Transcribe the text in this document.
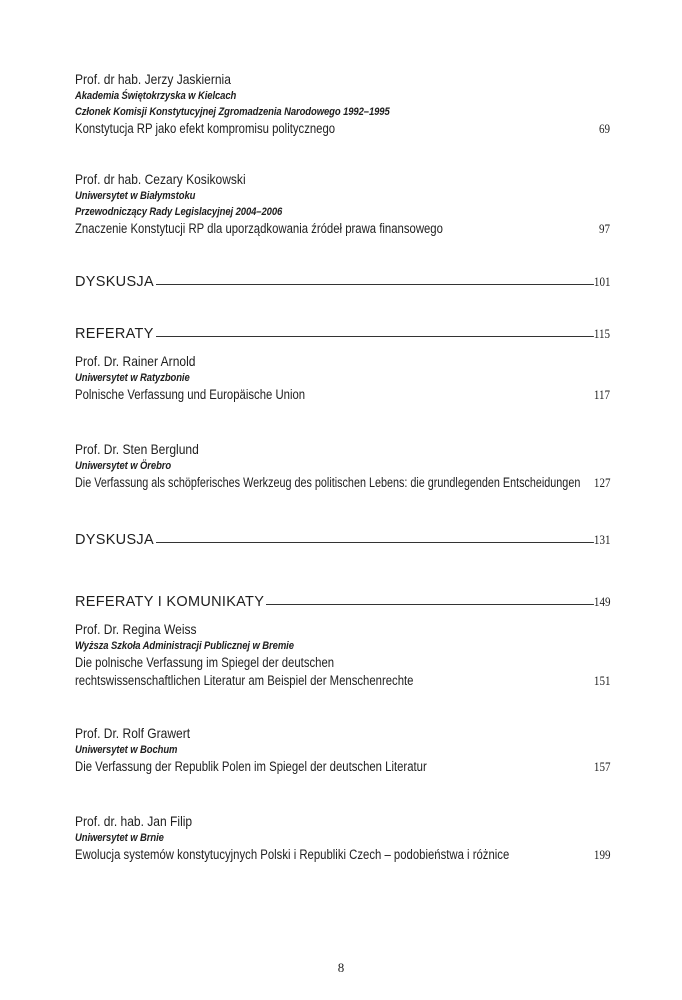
Prof. dr hab. Jerzy Jaskiernia
Akademia Świętokrzyska w Kielcach
Członek Komisji Konstytucyjnej Zgromadzenia Narodowego 1992–1995
Konstytucja RP jako efekt kompromisu politycznego	69
Prof. dr hab. Cezary Kosikowski
Uniwersytet w Białymstoku
Przewodniczący Rady Legislacyjnej 2004–2006
Znaczenie Konstytucji RP dla uporządkowania źródeł prawa finansowego	97
DYSKUSJA	101
REFERATY	115
Prof. Dr. Rainer Arnold
Uniwersytet w Ratyzbonie
Polnische Verfassung und Europäische Union	117
Prof. Dr. Sten Berglund
Uniwersytet w Örebro
Die Verfassung als schöpferisches Werkzeug des politischen Lebens: die grundlegenden Entscheidungen 127
DYSKUSJA	131
REFERATY I KOMUNIKATY	149
Prof. Dr. Regina Weiss
Wyższa Szkoła Administracji Publicznej w Bremie
Die polnische Verfassung im Spiegel der deutschen
rechtswissenschaftlichen Literatur am Beispiel der Menschenrechte	151
Prof. Dr. Rolf Grawert
Uniwersytet w Bochum
Die Verfassung der Republik Polen im Spiegel der deutschen Literatur	157
Prof. dr. hab. Jan Filip
Uniwersytet w Brnie
Ewolucja systemów konstytucyjnych Polski i Republiki Czech – podobieństwa i różnice	199
8
